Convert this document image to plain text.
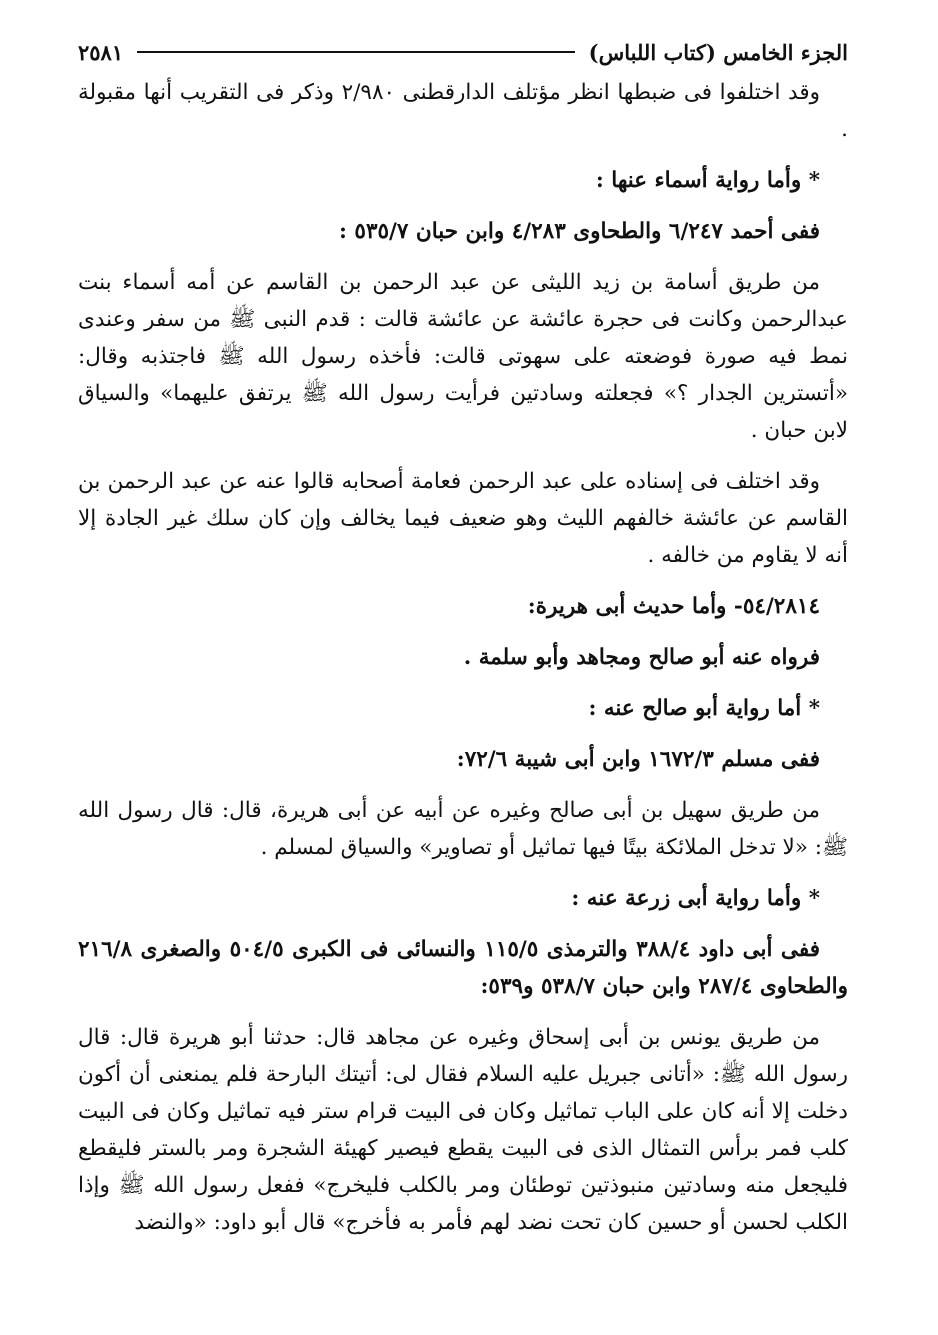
الجزء الخامس (كتاب اللباس)
٢٥٨١

وقد اختلفوا فى ضبطها انظر مؤتلف الدارقطنى ٢/٩٨٠ وذكر فى التقريب أنها مقبولة .

* وأما رواية أسماء عنها :

ففى أحمد ٦/٢٤٧ والطحاوى ٤/٢٨٣ وابن حبان ٥٣٥/٧ :

من طريق أسامة بن زيد الليثى عن عبد الرحمن بن القاسم عن أمه أسماء بنت عبدالرحمن وكانت فى حجرة عائشة عن عائشة قالت : قدم النبى ﷺ من سفر وعندى نمط فيه صورة فوضعته على سهوتى قالت: فأخذه رسول الله ﷺ فاجتذبه وقال: «أتسترين الجدار ؟» فجعلته وسادتين فرأيت رسول الله ﷺ يرتفق عليهما» والسياق لابن حبان .

وقد اختلف فى إسناده على عبد الرحمن فعامة أصحابه قالوا عنه عن عبد الرحمن بن القاسم عن عائشة خالفهم الليث وهو ضعيف فيما يخالف وإن كان سلك غير الجادة إلا أنه لا يقاوم من خالفه .

٥٤/٢٨١٤- وأما حديث أبى هريرة:

فرواه عنه أبو صالح ومجاهد وأبو سلمة .

* أما رواية أبو صالح عنه :

ففى مسلم ١٦٧٢/٣ وابن أبى شيبة ٧٢/٦:

من طريق سهيل بن أبى صالح وغيره عن أبيه عن أبى هريرة، قال: قال رسول الله ﷺ: «لا تدخل الملائكة بيتًا فيها تماثيل أو تصاوير» والسياق لمسلم .

* وأما رواية أبى زرعة عنه :

ففى أبى داود ٣٨٨/٤ والترمذى ١١٥/٥ والنسائى فى الكبرى ٥٠٤/٥ والصغرى ٢١٦/٨ والطحاوى ٢٨٧/٤ وابن حبان ٥٣٨/٧ و٥٣٩:

من طريق يونس بن أبى إسحاق وغيره عن مجاهد قال: حدثنا أبو هريرة قال: قال رسول الله ﷺ: «أتانى جبريل عليه السلام فقال لى: أتيتك البارحة فلم يمنعنى أن أكون دخلت إلا أنه كان على الباب تماثيل وكان فى البيت قرام ستر فيه تماثيل وكان فى البيت كلب فمر برأس التمثال الذى فى البيت يقطع فيصير كهيئة الشجرة ومر بالستر فليقطع فليجعل منه وسادتين منبوذتين توطئان ومر بالكلب فليخرج» ففعل رسول الله ﷺ وإذا الكلب لحسن أو حسين كان تحت نضد لهم فأمر به فأخرج» قال أبو داود: «والنضد
